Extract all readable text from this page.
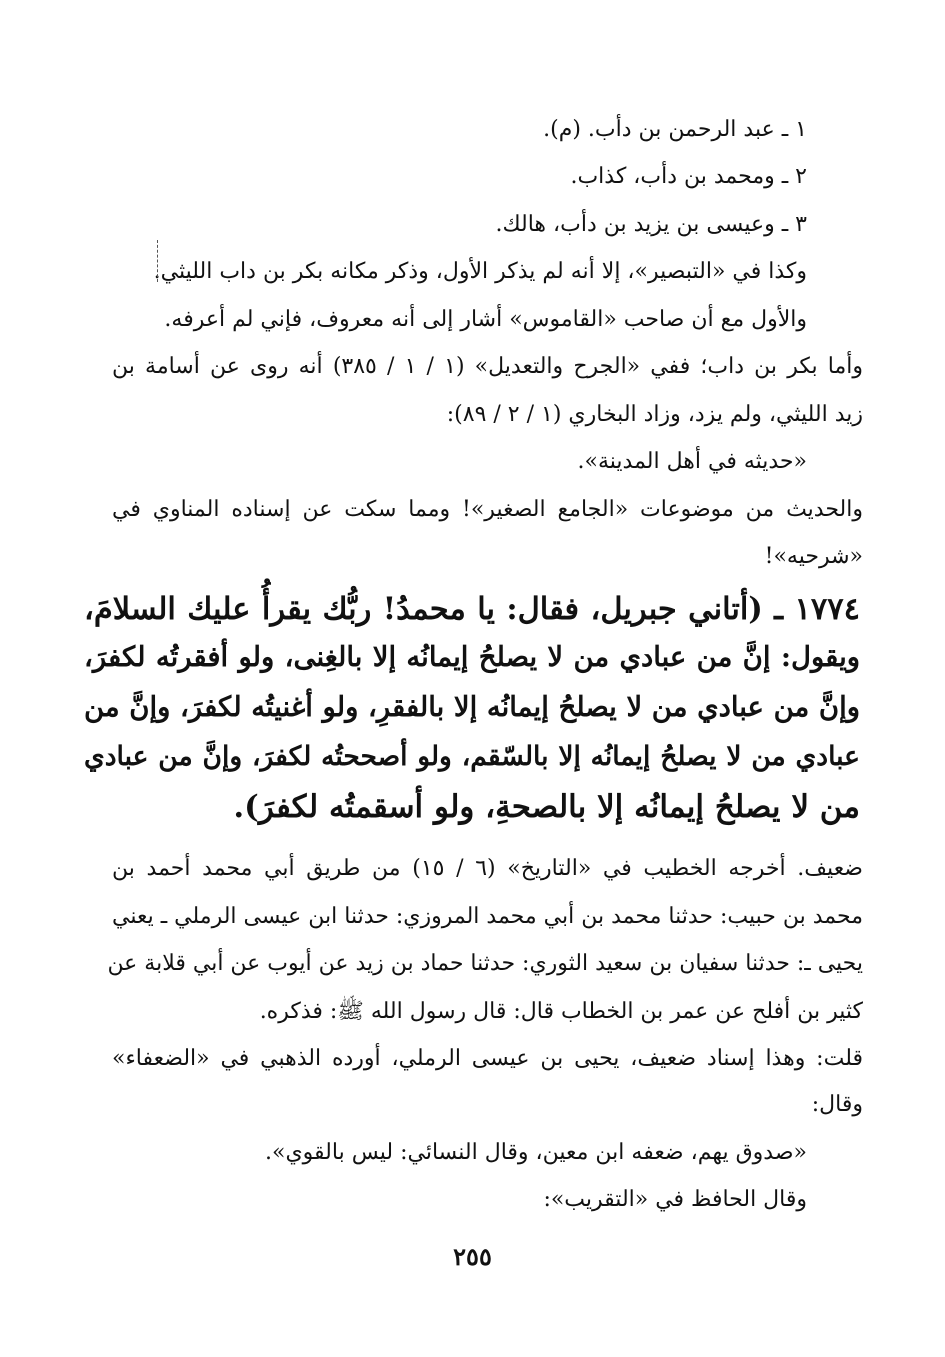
١ ـ عبد الرحمن بن دأب. (م).

٢ ـ ومحمد بن دأب، كذاب.

٣ ـ وعيسى بن يزيد بن دأب، هالك.

وكذا في «التبصير»، إلا أنه لم يذكر الأول، وذكر مكانه بكر بن داب الليثي.

والأول مع أن صاحب «القاموس» أشار إلى أنه معروف، فإني لم أعرفه.

وأما بكر بن داب؛ ففي «الجرح والتعديل» (١ / ١ / ٣٨٥) أنه روى عن أسامة بن

زيد الليثي، ولم يزد، وزاد البخاري (١ / ٢ / ٨٩):

«حديثه في أهل المدينة».

والحديث من موضوعات «الجامع الصغير»! ومما سكت عن إسناده المناوي في

«شرحيه»!

١٧٧٤ ـ (أتاني جبريل، فقال: يا محمدُ! ربُّك يقرأُ عليك السلامَ،

ويقول: إنَّ من عبادي من لا يصلحُ إيمانُه إلا بالغِنى، ولو أفقرتُه لكفرَ،

وإنَّ من عبادي من لا يصلحُ إيمانُه إلا بالفقرِ، ولو أغنيتُه لكفرَ، وإنَّ من

عبادي من لا يصلحُ إيمانُه إلا بالسّقم، ولو أصححتُه لكفرَ، وإنَّ من عبادي

من لا يصلحُ إيمانُه إلا بالصحةِ، ولو أسقمتُه لكفرَ).

ضعيف. أخرجه الخطيب في «التاريخ» (٦ / ١٥) من طريق أبي محمد أحمد بن

محمد بن حبيب: حدثنا محمد بن أبي محمد المروزي: حدثنا ابن عيسى الرملي ـ يعني

يحيى ـ: حدثنا سفيان بن سعيد الثوري: حدثنا حماد بن زيد عن أيوب عن أبي قلابة عن

كثير بن أفلح عن عمر بن الخطاب قال: قال رسول الله ﷺ: فذكره.

قلت: وهذا إسناد ضعيف، يحيى بن عيسى الرملي، أورده الذهبي في «الضعفاء»

وقال:

«صدوق يهم، ضعفه ابن معين، وقال النسائي: ليس بالقوي».

وقال الحافظ في «التقريب»:

٢٥٥
